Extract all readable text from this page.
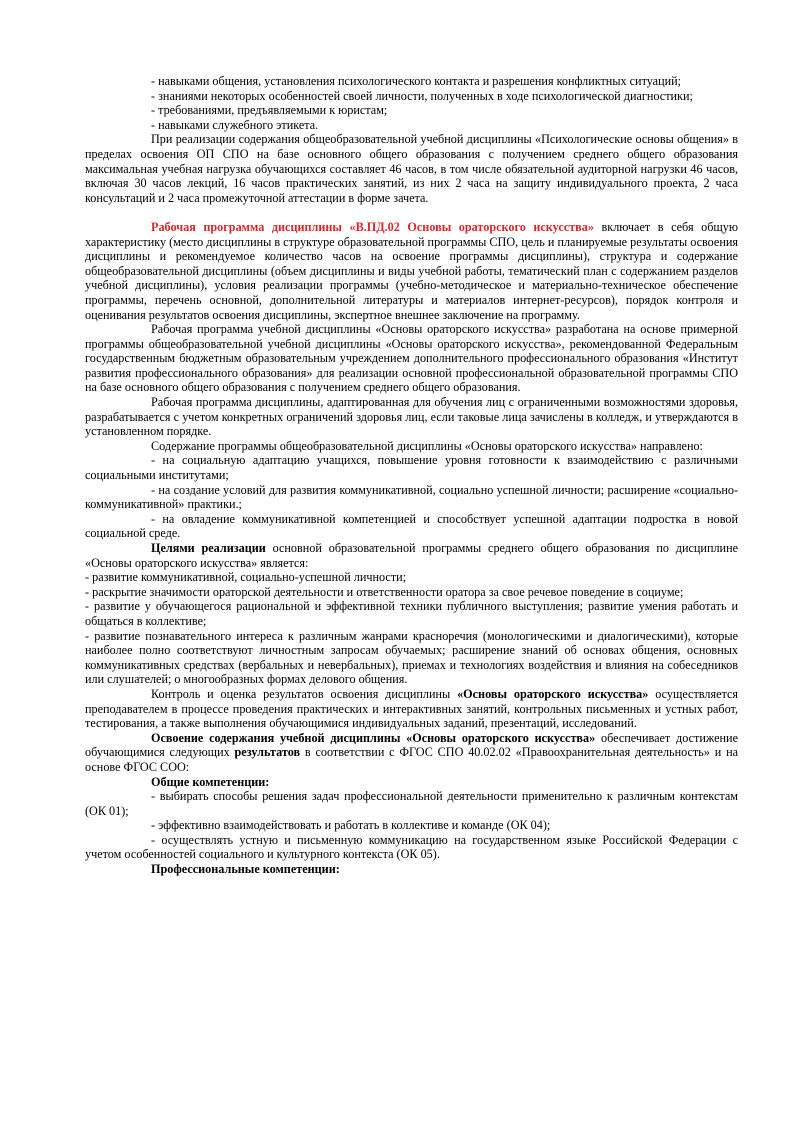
- навыками общения, установления психологического контакта и разрешения конфликтных ситуаций;

- знаниями некоторых особенностей своей личности, полученных в ходе психологической диагностики;

- требованиями, предъявляемыми к юристам;

- навыками служебного этикета.

При реализации содержания общеобразовательной учебной дисциплины «Психологические основы общения» в пределах освоения ОП СПО на базе основного общего образования с получением среднего общего образования максимальная учебная нагрузка обучающихся составляет 46 часов, в том числе обязательной аудиторной нагрузки 46 часов, включая 30 часов лекций, 16 часов практических занятий, из них 2 часа на защиту индивидуального проекта, 2 часа консультаций и 2 часа промежуточной аттестации в форме зачета.

Рабочая программа дисциплины «В.ПД.02 Основы ораторского искусства» включает в себя общую характеристику (место дисциплины в структуре образовательной программы СПО, цель и планируемые результаты освоения дисциплины и рекомендуемое количество часов на освоение программы дисциплины), структура и содержание общеобразовательной дисциплины (объем дисциплины и виды учебной работы, тематический план с содержанием разделов учебной дисциплины), условия реализации программы (учебно-методическое и материально-техническое обеспечение программы, перечень основной, дополнительной литературы и материалов интернет-ресурсов), порядок контроля и оценивания результатов освоения дисциплины, экспертное внешнее заключение на программу.

Рабочая программа учебной дисциплины «Основы ораторского искусства» разработана на основе примерной программы общеобразовательной учебной дисциплины «Основы ораторского искусства», рекомендованной Федеральным государственным бюджетным образовательным учреждением дополнительного профессионального образования «Институт развития профессионального образования» для реализации основной профессиональной образовательной программы СПО на базе основного общего образования с получением среднего общего образования.

Рабочая программа дисциплины, адаптированная для обучения лиц с ограниченными возможностями здоровья, разрабатывается с учетом конкретных ограничений здоровья лиц, если таковые лица зачислены в колледж, и утверждаются в установленном порядке.

Содержание программы общеобразовательной дисциплины «Основы ораторского искусства» направлено:

- на социальную адаптацию учащихся, повышение уровня готовности к взаимодействию с различными социальными институтами;

- на создание условий для развития коммуникативной, социально успешной личности; расширение «социально-коммуникативной» практики.;

- на овладение коммуникативной компетенцией и способствует успешной адаптации подростка в новой социальной среде.

Целями реализации основной образовательной программы среднего общего образования по дисциплине «Основы ораторского искусства» является:

- развитие коммуникативной, социально-успешной личности;

- раскрытие значимости ораторской деятельности и ответственности оратора за свое речевое поведение в социуме;

- развитие у обучающегося рациональной и эффективной техники публичного выступления; развитие умения работать и общаться в коллективе;

- развитие познавательного интереса к различным жанрами красноречия (монологическими и диалогическими), которые наиболее полно соответствуют личностным запросам обучаемых; расширение знаний об основах общения, основных коммуникативных средствах (вербальных и невербальных), приемах и технологиях воздействия и влияния на собеседников или слушателей; о многообразных формах делового общения.

Контроль и оценка результатов освоения дисциплины «Основы ораторского искусства» осуществляется преподавателем в процессе проведения практических и интерактивных занятий, контрольных письменных и устных работ, тестирования, а также выполнения обучающимися индивидуальных заданий, презентаций, исследований.

Освоение содержания учебной дисциплины «Основы ораторского искусства» обеспечивает достижение обучающимися следующих результатов в соответствии с ФГОС СПО 40.02.02 «Правоохранительная деятельность» и на основе ФГОС СОО:

Общие компетенции:

- выбирать способы решения задач профессиональной деятельности применительно к различным контекстам (ОК 01);

- эффективно взаимодействовать и работать в коллективе и команде (ОК 04);

- осуществлять устную и письменную коммуникацию на государственном языке Российской Федерации с учетом особенностей социального и культурного контекста (ОК 05).

Профессиональные компетенции:
